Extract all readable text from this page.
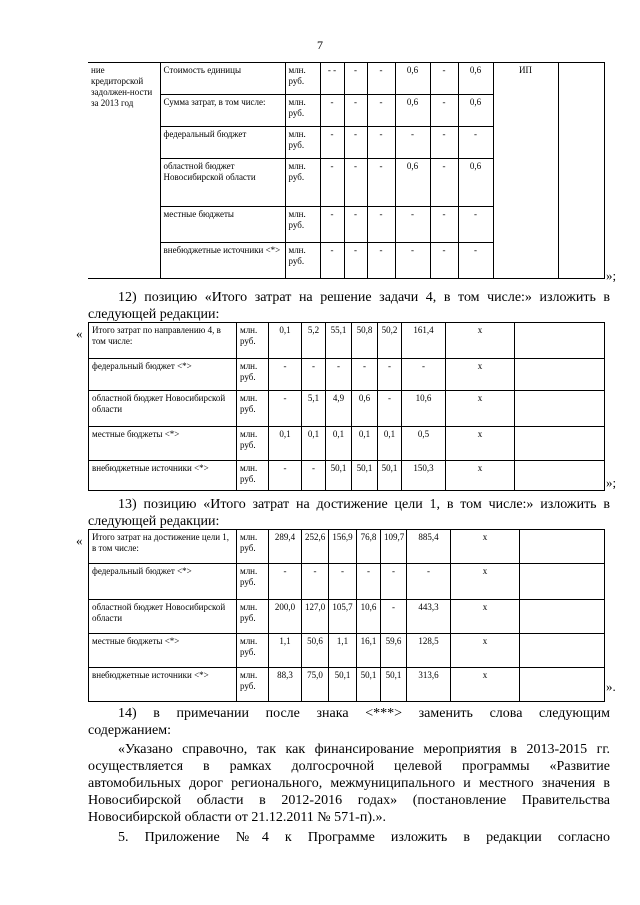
7
ние кредиторской задолжен-ности за 2013 год	Стоимость единицы	млн. руб.	- -	-	-	0,6	-	0,6	ИП	
	Сумма затрат, в том числе:	млн. руб.	-	-	-	0,6	-	0,6		
	федеральный бюджет	млн. руб.	-	-	-	-	-	-		
	областной бюджет Новосибирской области	млн. руб.	-	-	-	0,6	-	0,6		
	местные бюджеты	млн. руб.	-	-	-	-	-	-		
	внебюджетные источники <*>	млн. руб.	-	-	-	-	-	-		
»;
12) позицию «Итого затрат на решение задачи 4, в том числе:» изложить в
следующей редакции:
« Итого затрат по направлению 4, в том числе:	млн. руб.	0,1	5,2	55,1	50,8	50,2	161,4	х	
федеральный бюджет <*>	млн. руб.	-	-	-	-	-	-	х	
областной бюджет Новосибирской области	млн. руб.	-	5,1	4,9	0,6	-	10,6	х	
местные бюджеты <*>	млн. руб.	0,1	0,1	0,1	0,1	0,1	0,5	х	
внебюджетные источники <*>	млн. руб.	-	-	50,1	50,1	50,1	150,3	х	
»;
13) позицию «Итого затрат на достижение цели 1, в том числе:» изложить в
следующей редакции:
« Итого затрат на достижение цели 1, в том числе:	млн. руб.	289,4	252,6	156,9	76,8	109,7	885,4	х	
федеральный бюджет <*>	млн. руб.	-	-	-	-	-	-	х	
областной бюджет Новосибирской области	млн. руб.	200,0	127,0	105,7	10,6	-	443,3	х	
местные бюджеты <*>	млн. руб.	1,1	50,6	1,1	16,1	59,6	128,5	х	
внебюджетные источники <*>	млн. руб.	88,3	75,0	50,1	50,1	50,1	313,6	х	
».
14) в примечании после знака <***> заменить слова следующим
содержанием:
«Указано справочно, так как финансирование мероприятия в 2013-2015 гг.
осуществляется в рамках долгосрочной целевой программы «Развитие
автомобильных дорог регионального, межмуниципального и местного значения в
Новосибирской области в 2012-2016 годах» (постановление Правительства
Новосибирской области от 21.12.2011 № 571-п).».
5. Приложение №4 к Программе изложить в редакции согласно
